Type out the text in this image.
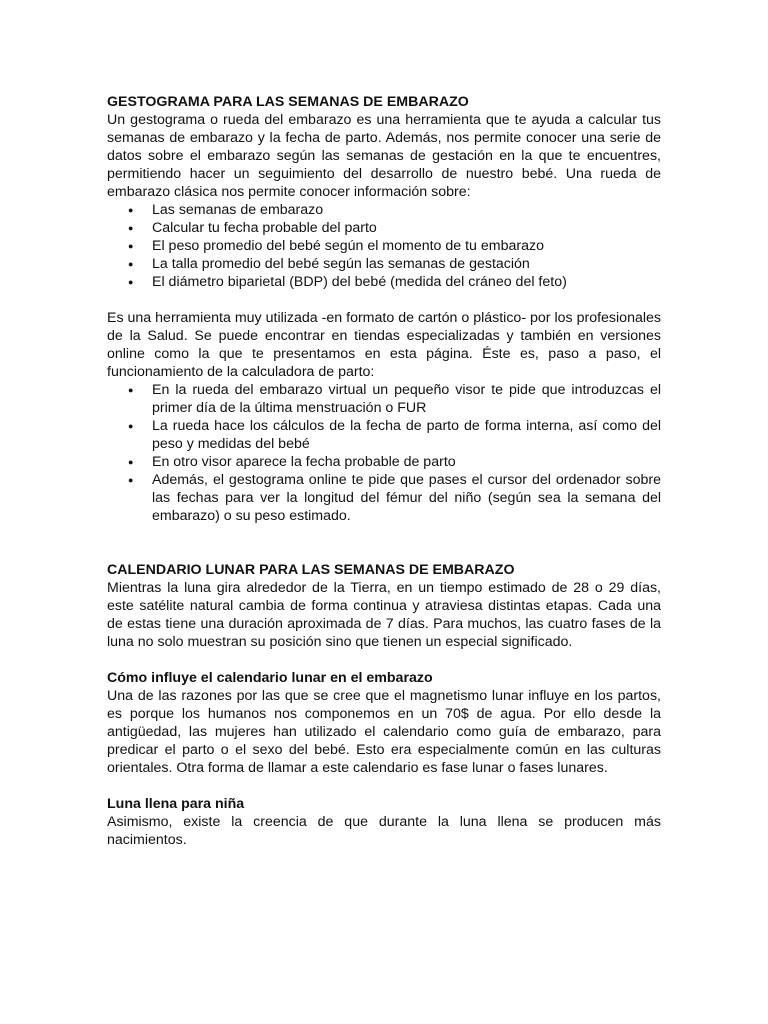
GESTOGRAMA PARA LAS SEMANAS DE EMBARAZO

Un gestograma o rueda del embarazo es una herramienta que te ayuda a calcular tus semanas de embarazo y la fecha de parto. Además, nos permite conocer una serie de datos sobre el embarazo según las semanas de gestación en la que te encuentres, permitiendo hacer un seguimiento del desarrollo de nuestro bebé. Una rueda de embarazo clásica nos permite conocer información sobre:

● Las semanas de embarazo
● Calcular tu fecha probable del parto
● El peso promedio del bebé según el momento de tu embarazo
● La talla promedio del bebé según las semanas de gestación
● El diámetro biparietal (BDP) del bebé (medida del cráneo del feto)

Es una herramienta muy utilizada -en formato de cartón o plástico- por los profesionales de la Salud. Se puede encontrar en tiendas especializadas y también en versiones online como la que te presentamos en esta página. Éste es, paso a paso, el funcionamiento de la calculadora de parto:

● En la rueda del embarazo virtual un pequeño visor te pide que introduzcas el primer día de la última menstruación o FUR
● La rueda hace los cálculos de la fecha de parto de forma interna, así como del peso y medidas del bebé
● En otro visor aparece la fecha probable de parto
● Además, el gestograma online te pide que pases el cursor del ordenador sobre las fechas para ver la longitud del fémur del niño (según sea la semana del embarazo) o su peso estimado.

CALENDARIO LUNAR PARA LAS SEMANAS DE EMBARAZO

Mientras la luna gira alrededor de la Tierra, en un tiempo estimado de 28 o 29 días, este satélite natural cambia de forma continua y atraviesa distintas etapas. Cada una de estas tiene una duración aproximada de 7 días. Para muchos, las cuatro fases de la luna no solo muestran su posición sino que tienen un especial significado.

Cómo influye el calendario lunar en el embarazo

Una de las razones por las que se cree que el magnetismo lunar influye en los partos, es porque los humanos nos componemos en un 70$ de agua. Por ello desde la antigüedad, las mujeres han utilizado el calendario como guía de embarazo, para predicar el parto o el sexo del bebé. Esto era especialmente común en las culturas orientales. Otra forma de llamar a este calendario es fase lunar o fases lunares.

Luna llena para niña

Asimismo, existe la creencia de que durante la luna llena se producen más nacimientos.
